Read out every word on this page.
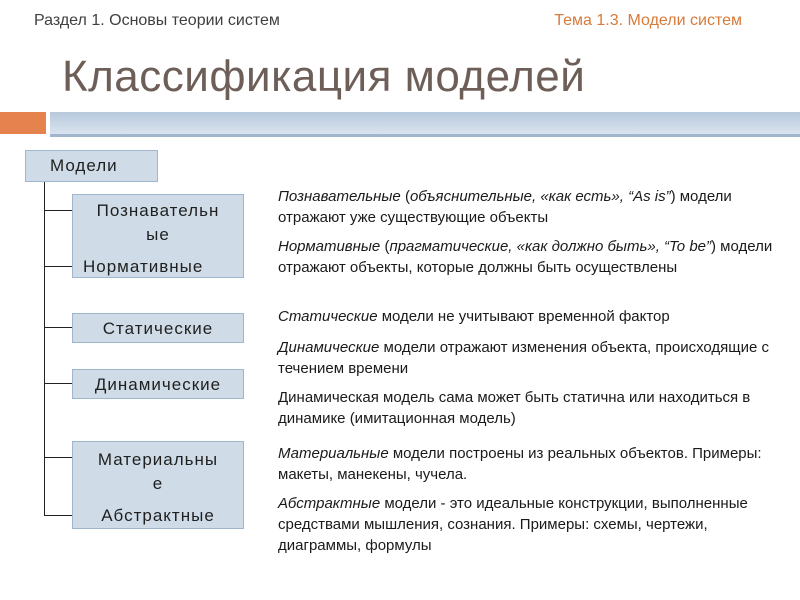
Раздел 1. Основы теории систем	Тема 1.3. Модели систем
Классификация моделей
Модели
Познавательн
ые
Нормативные
Статические
Динамические
Материальны
е
Абстрактные
Познавательные (объяснительные, «как есть», “As is”) модели отражают уже существующие объекты
Нормативные (прагматические, «как должно быть», “To be”) модели отражают объекты, которые должны быть осуществлены
Статические модели не учитывают временной фактор
Динамические модели отражают изменения объекта, происходящие с течением времени
Динамическая модель сама может быть статична или находиться в динамике (имитационная модель)
Материальные модели построены из реальных объектов. Примеры: макеты, манекены, чучела.
Абстрактные модели - это идеальные конструкции, выполненные средствами мышления, сознания. Примеры: схемы, чертежи, диаграммы, формулы
